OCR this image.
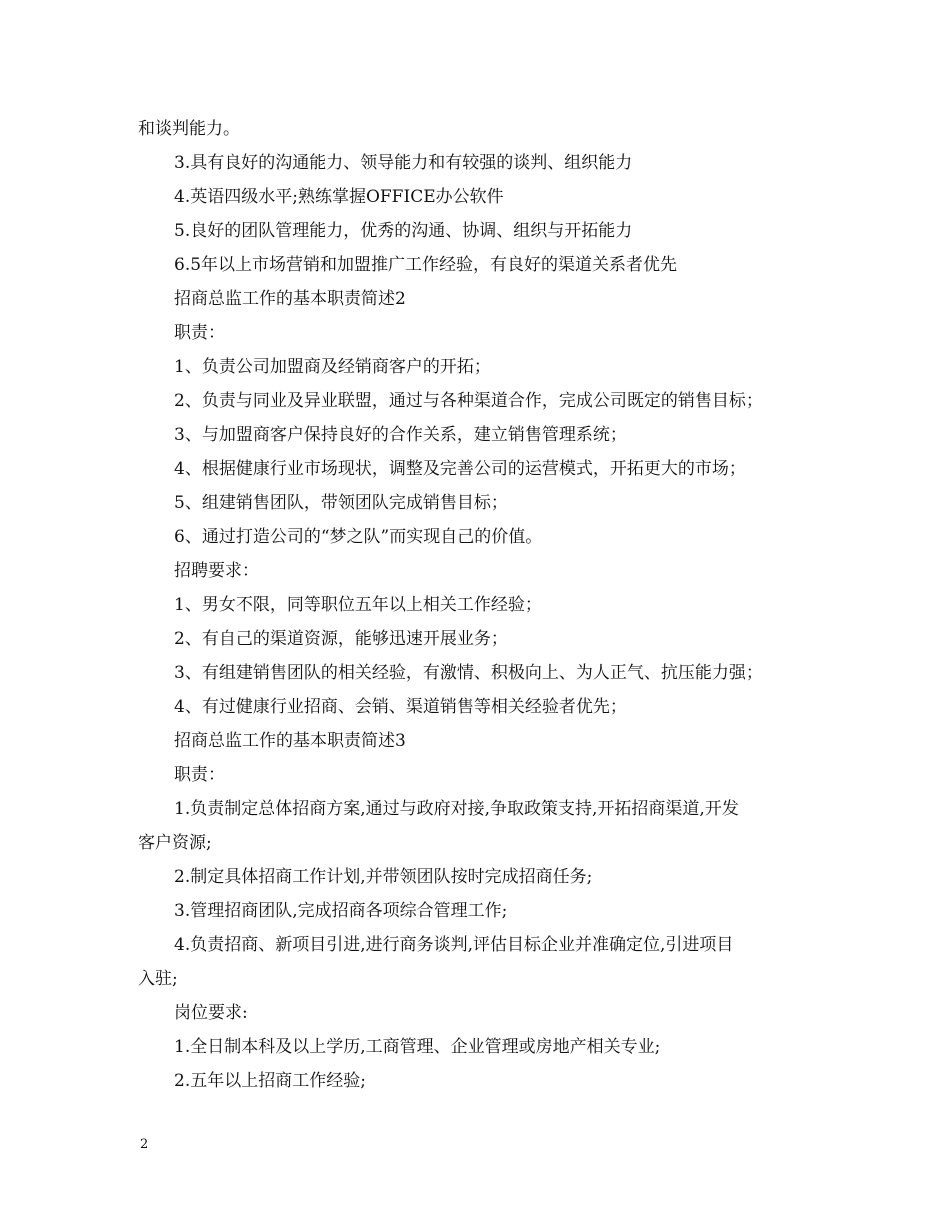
和谈判能力。
3.具有良好的沟通能力、领导能力和有较强的谈判、组织能力
4.英语四级水平;熟练掌握OFFICE办公软件
5.良好的团队管理能力，优秀的沟通、协调、组织与开拓能力
6.5年以上市场营销和加盟推广工作经验，有良好的渠道关系者优先
招商总监工作的基本职责简述2
职责：
1、负责公司加盟商及经销商客户的开拓；
2、负责与同业及异业联盟，通过与各种渠道合作，完成公司既定的销售目标；
3、与加盟商客户保持良好的合作关系，建立销售管理系统；
4、根据健康行业市场现状，调整及完善公司的运营模式，开拓更大的市场；
5、组建销售团队，带领团队完成销售目标；
6、通过打造公司的“梦之队”而实现自己的价值。
招聘要求：
1、男女不限，同等职位五年以上相关工作经验；
2、有自己的渠道资源，能够迅速开展业务；
3、有组建销售团队的相关经验，有激情、积极向上、为人正气、抗压能力强；
4、有过健康行业招商、会销、渠道销售等相关经验者优先；
招商总监工作的基本职责简述3
职责：
1.负责制定总体招商方案,通过与政府对接,争取政策支持,开拓招商渠道,开发
客户资源;
2.制定具体招商工作计划,并带领团队按时完成招商任务;
3.管理招商团队,完成招商各项综合管理工作;
4.负责招商、新项目引进,进行商务谈判,评估目标企业并准确定位,引进项目
入驻;
岗位要求:
1.全日制本科及以上学历,工商管理、企业管理或房地产相关专业;
2.五年以上招商工作经验;
2
